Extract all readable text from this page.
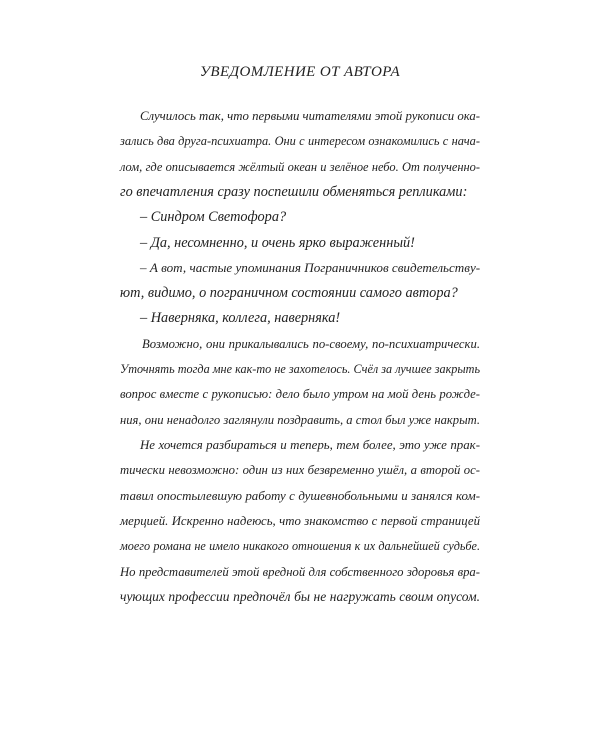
УВЕДОМЛЕНИЕ ОТ АВТОРА
Случилось так, что первыми читателями этой рукописи ока-
зались два друга-психиатра. Они с интересом ознакомились с нача-
лом, где описывается жёлтый океан и зелёное небо. От полученно-
го впечатления сразу поспешили обменяться репликами:
– Синдром Светофора?
– Да, несомненно, и очень ярко выраженный!
– А вот, частые упоминания Пограничников свидетельству-
ют, видимо, о пограничном состоянии самого автора?
– Наверняка, коллега, наверняка!
Возможно, они прикалывались по-своему, по-психиатрически.
Уточнять тогда мне как-то не захотелось. Счёл за лучшее закрыть
вопрос вместе с рукописью: дело было утром на мой день рожде-
ния, они ненадолго заглянули поздравить, а стол был уже накрыт.
Не хочется разбираться и теперь, тем более, это уже прак-
тически невозможно: один из них безвременно ушёл, а второй ос-
тавил опостылевшую работу с душевнобольными и занялся ком-
мерцией. Искренно надеюсь, что знакомство с первой страницей
моего романа не имело никакого отношения к их дальнейшей судьбе.
Но представителей этой вредной для собственного здоровья вра-
чующих профессии предпочёл бы не нагружать своим опусом.
